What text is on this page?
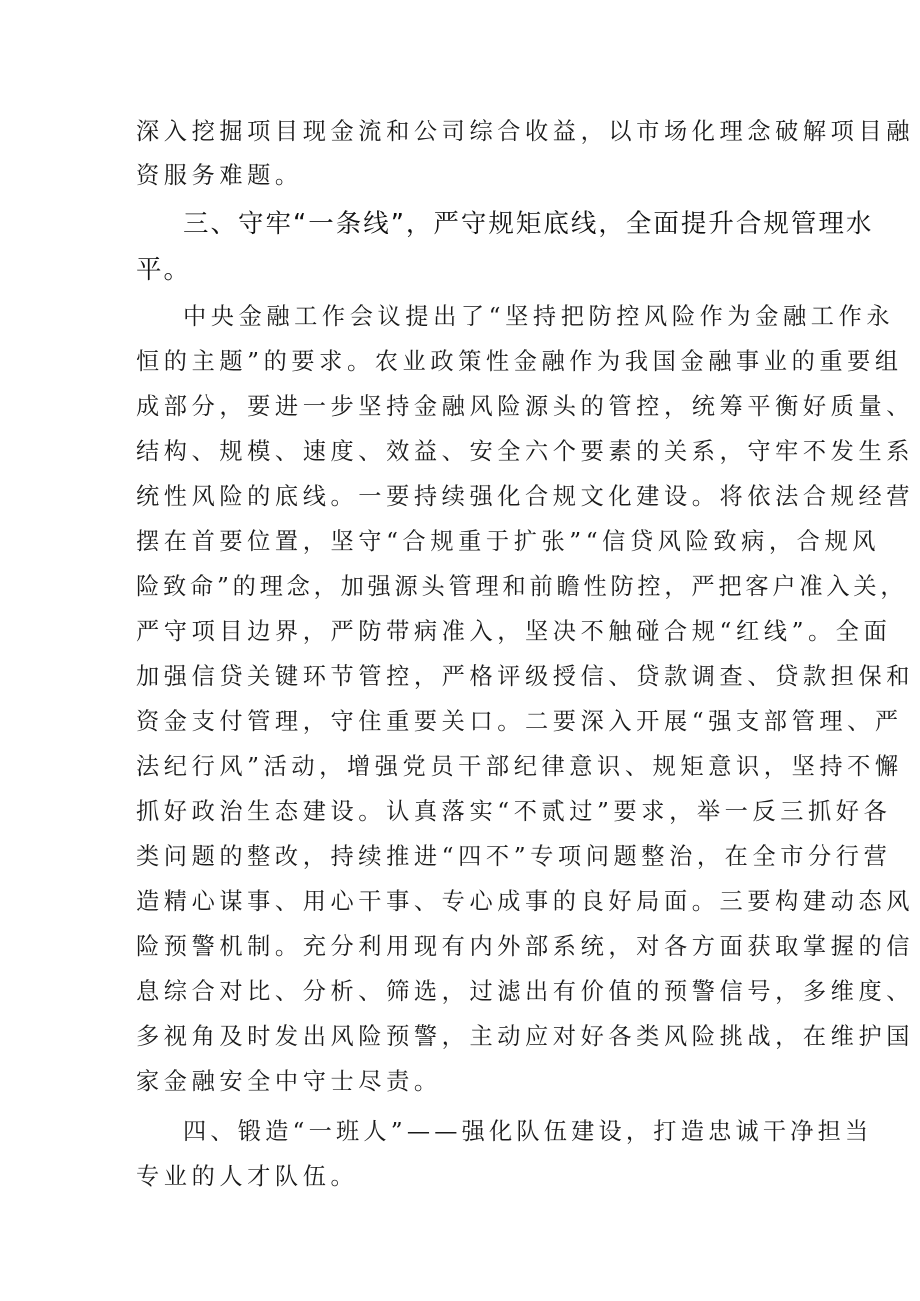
深入挖掘项目现金流和公司综合收益，以市场化理念破解项目融
资服务难题。
三、守牢“一条线”，严守规矩底线，全面提升合规管理水
平。
中央金融工作会议提出了“坚持把防控风险作为金融工作永
恒的主题”的要求。农业政策性金融作为我国金融事业的重要组
成部分，要进一步坚持金融风险源头的管控，统筹平衡好质量、
结构、规模、速度、效益、安全六个要素的关系，守牢不发生系
统性风险的底线。一要持续强化合规文化建设。将依法合规经营
摆在首要位置，坚守“合规重于扩张”“信贷风险致病，合规风
险致命”的理念，加强源头管理和前瞻性防控，严把客户准入关，
严守项目边界，严防带病准入，坚决不触碰合规“红线”。全面
加强信贷关键环节管控，严格评级授信、贷款调查、贷款担保和
资金支付管理，守住重要关口。二要深入开展“强支部管理、严
法纪行风”活动，增强党员干部纪律意识、规矩意识，坚持不懈
抓好政治生态建设。认真落实“不贰过”要求，举一反三抓好各
类问题的整改，持续推进“四不”专项问题整治，在全市分行营
造精心谋事、用心干事、专心成事的良好局面。三要构建动态风
险预警机制。充分利用现有内外部系统，对各方面获取掌握的信
息综合对比、分析、筛选，过滤出有价值的预警信号，多维度、
多视角及时发出风险预警，主动应对好各类风险挑战，在维护国
家金融安全中守士尽责。
四、锻造“一班人”——强化队伍建设，打造忠诚干净担当
专业的人才队伍。
